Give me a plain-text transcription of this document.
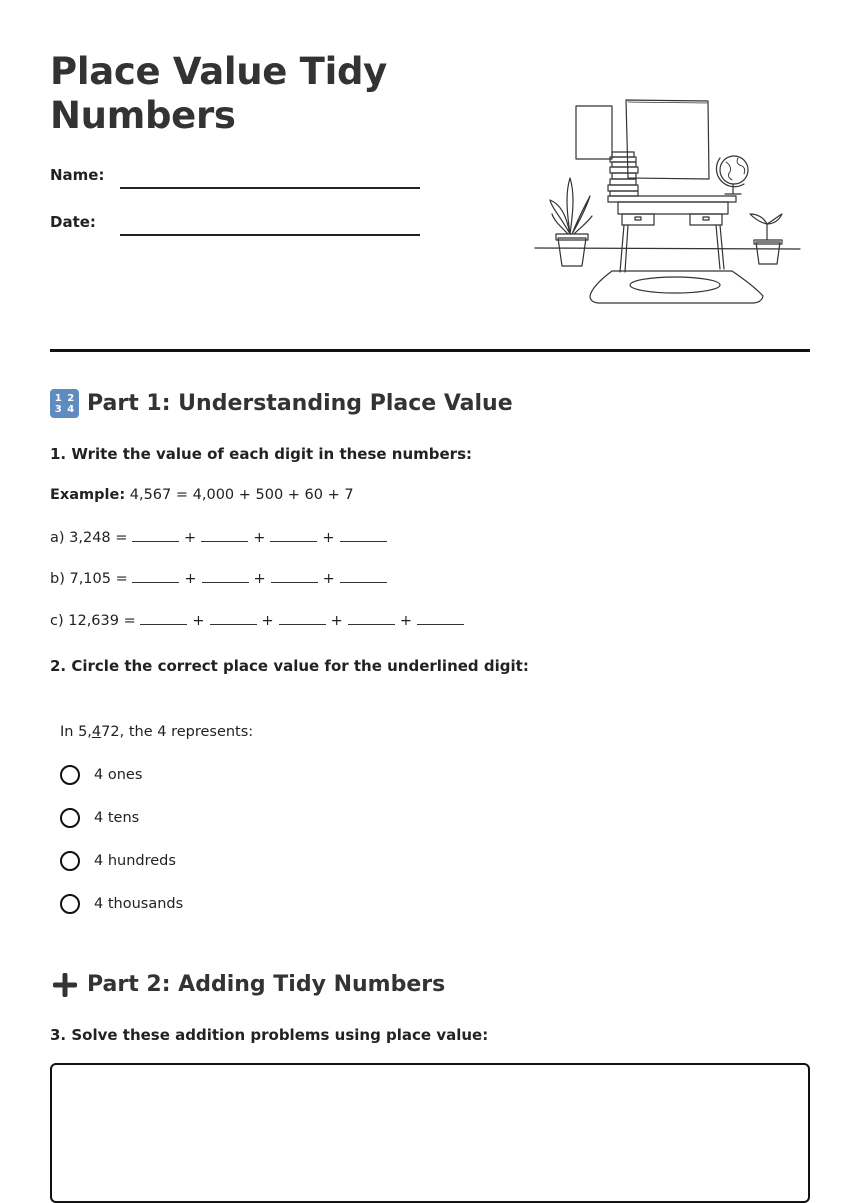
Place Value Tidy Numbers
Name:
Date:
1 2
3 4 Part 1: Understanding Place Value
1. Write the value of each digit in these numbers:
Example: 4,567 = 4,000 + 500 + 60 + 7
a) 3,248 =	+	+	+
b) 7,105 =	+	+	+
c) 12,639 =	+	+	+	+
2. Circle the correct place value for the underlined digit:
In 5,472, the 4 represents:
4 ones
4 tens
4 hundreds
4 thousands
Part 2: Adding Tidy Numbers
3. Solve these addition problems using place value:
